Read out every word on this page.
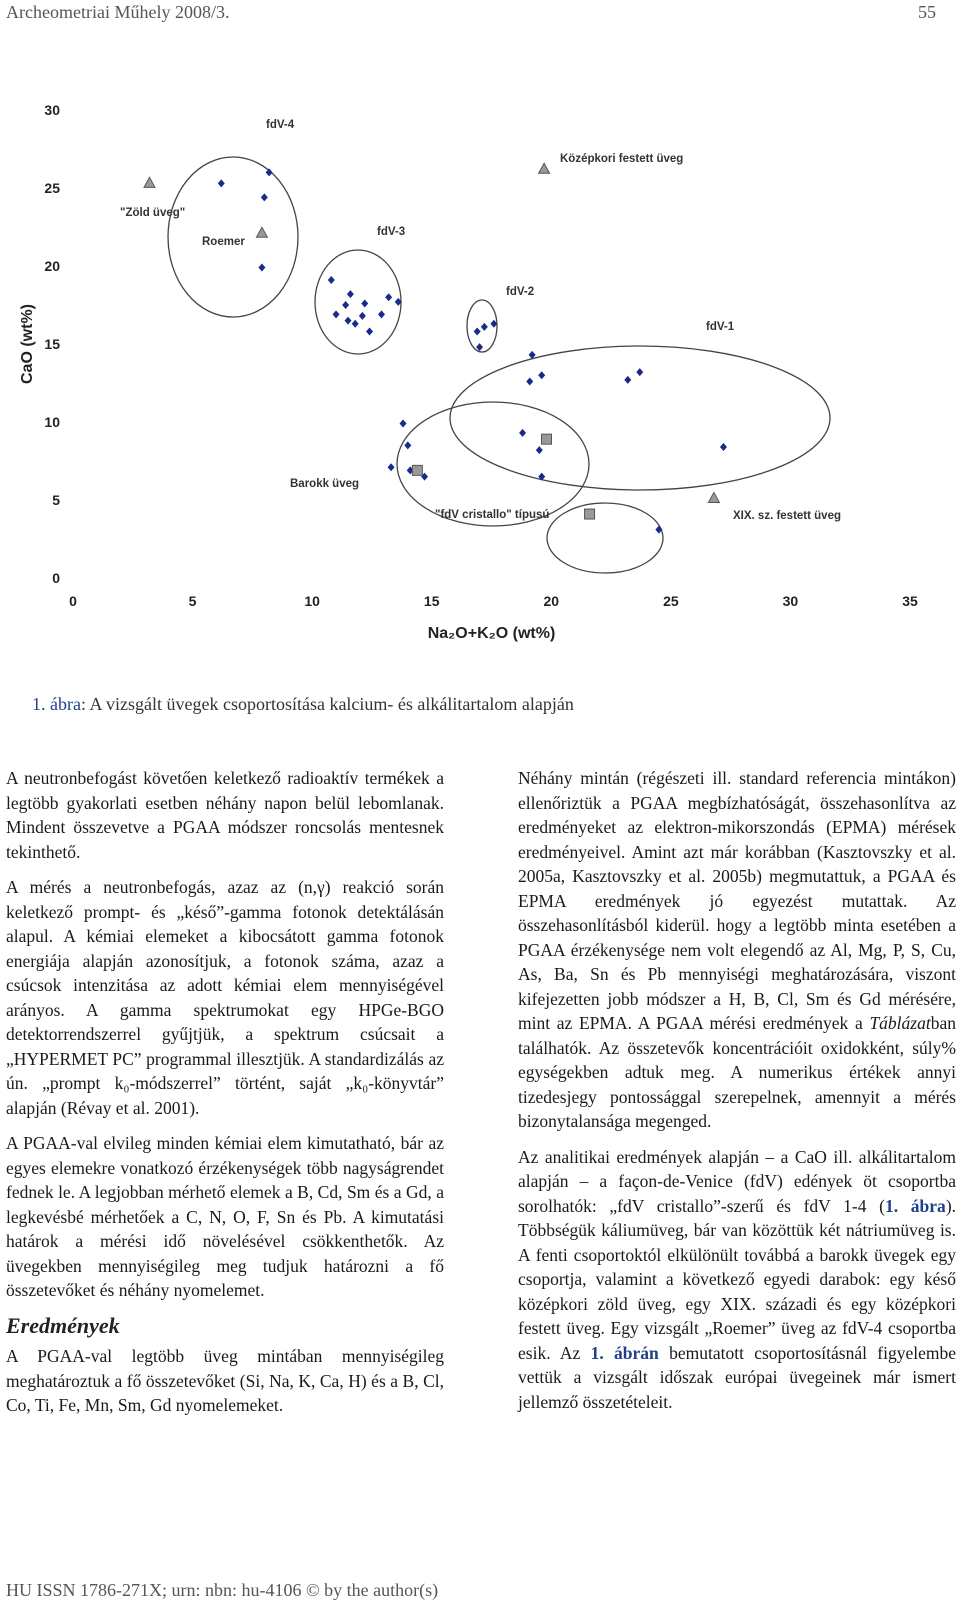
Archeometriai Műhely 2008/3.	55
0	5	10	15	20	25	30	35
0
5
10
15
20
25
30
Na₂O+K₂O (wt%)
CaO (wt%)
fdV-4
"Zöld üveg"
Roemer
fdV-3
Középkori festett üveg
fdV-2
fdV-1
Barokk üveg
"fdV cristallo" típusú	XIX. sz. festett üveg
1. ábra: A vizsgált üvegek csoportosítása kalcium- és alkálitartalom alapján

A neutronbefogást követően keletkező radioaktív termékek a legtöbb gyakorlati esetben néhány napon belül lebomlanak. Mindent összevetve a PGAA módszer roncsolás mentesnek tekinthető.

A mérés a neutronbefogás, azaz az (n,γ) reakció során keletkező prompt- és „késő”-gamma fotonok detektálásán alapul. A kémiai elemeket a kibocsátott gamma fotonok energiája alapján azonosítjuk, a fotonok száma, azaz a csúcsok intenzitása az adott kémiai elem mennyiségével arányos. A gamma spektrumokat egy HPGe-BGO detektorrendszerrel gyűjtjük, a spektrum csúcsait a „HYPERMET PC” programmal illesztjük. A standardizálás az ún. „prompt k₀-módszerrel” történt, saját „k₀-könyvtár” alapján (Révay et al. 2001).

A PGAA-val elvileg minden kémiai elem kimutatható, bár az egyes elemekre vonatkozó érzékenységek több nagyságrendet fednek le. A legjobban mérhető elemek a B, Cd, Sm és a Gd, a legkevésbé mérhetőek a C, N, O, F, Sn és Pb. A kimutatási határok a mérési idő növelésével csökkenthetők. Az üvegekben mennyiségileg meg tudjuk határozni a fő összetevőket és néhány nyomelemet.

Eredmények

A PGAA-val legtöbb üveg mintában mennyiségileg meghatároztuk a fő összetevőket (Si, Na, K, Ca, H) és a B, Cl, Co, Ti, Fe, Mn, Sm, Gd nyomelemeket.

Néhány mintán (régészeti ill. standard referencia mintákon) ellenőriztük a PGAA megbízhatóságát, összehasonlítva az eredményeket az elektron-mikorszondás (EPMA) mérések eredményeivel. Amint azt már korábban (Kasztovszky et al. 2005a, Kasztovszky et al. 2005b) megmutattuk, a PGAA és EPMA eredmények jó egyezést mutattak. Az összehasonlításból kiderül. hogy a legtöbb minta esetében a PGAA érzékenysége nem volt elegendő az Al, Mg, P, S, Cu, As, Ba, Sn és Pb mennyiségi meghatározására, viszont kifejezetten jobb módszer a H, B, Cl, Sm és Gd mérésére, mint az EPMA. A PGAA mérési eredmények a Táblázatban találhatók. Az összetevők koncentrációit oxidokként, súly% egységekben adtuk meg. A numerikus értékek annyi tizedesjegy pontossággal szerepelnek, amennyit a mérés bizonytalansága megenged.

Az analitikai eredmények alapján – a CaO ill. alkálitartalom alapján – a façon-de-Venice (fdV) edények öt csoportba sorolhatók: „fdV cristallo”-szerű és fdV 1-4 (1. ábra). Többségük káliumüveg, bár van közöttük két nátriumüveg is. A fenti csoportoktól elkülönült továbbá a barokk üvegek egy csoportja, valamint a következő egyedi darabok: egy késő középkori zöld üveg, egy XIX. századi és egy középkori festett üveg. Egy vizsgált „Roemer” üveg az fdV-4 csoportba esik. Az 1. ábrán bemutatott csoportosításnál figyelembe vettük a vizsgált időszak európai üvegeinek már ismert jellemző összetételeit.

HU ISSN 1786-271X; urn: nbn: hu-4106 © by the author(s)
